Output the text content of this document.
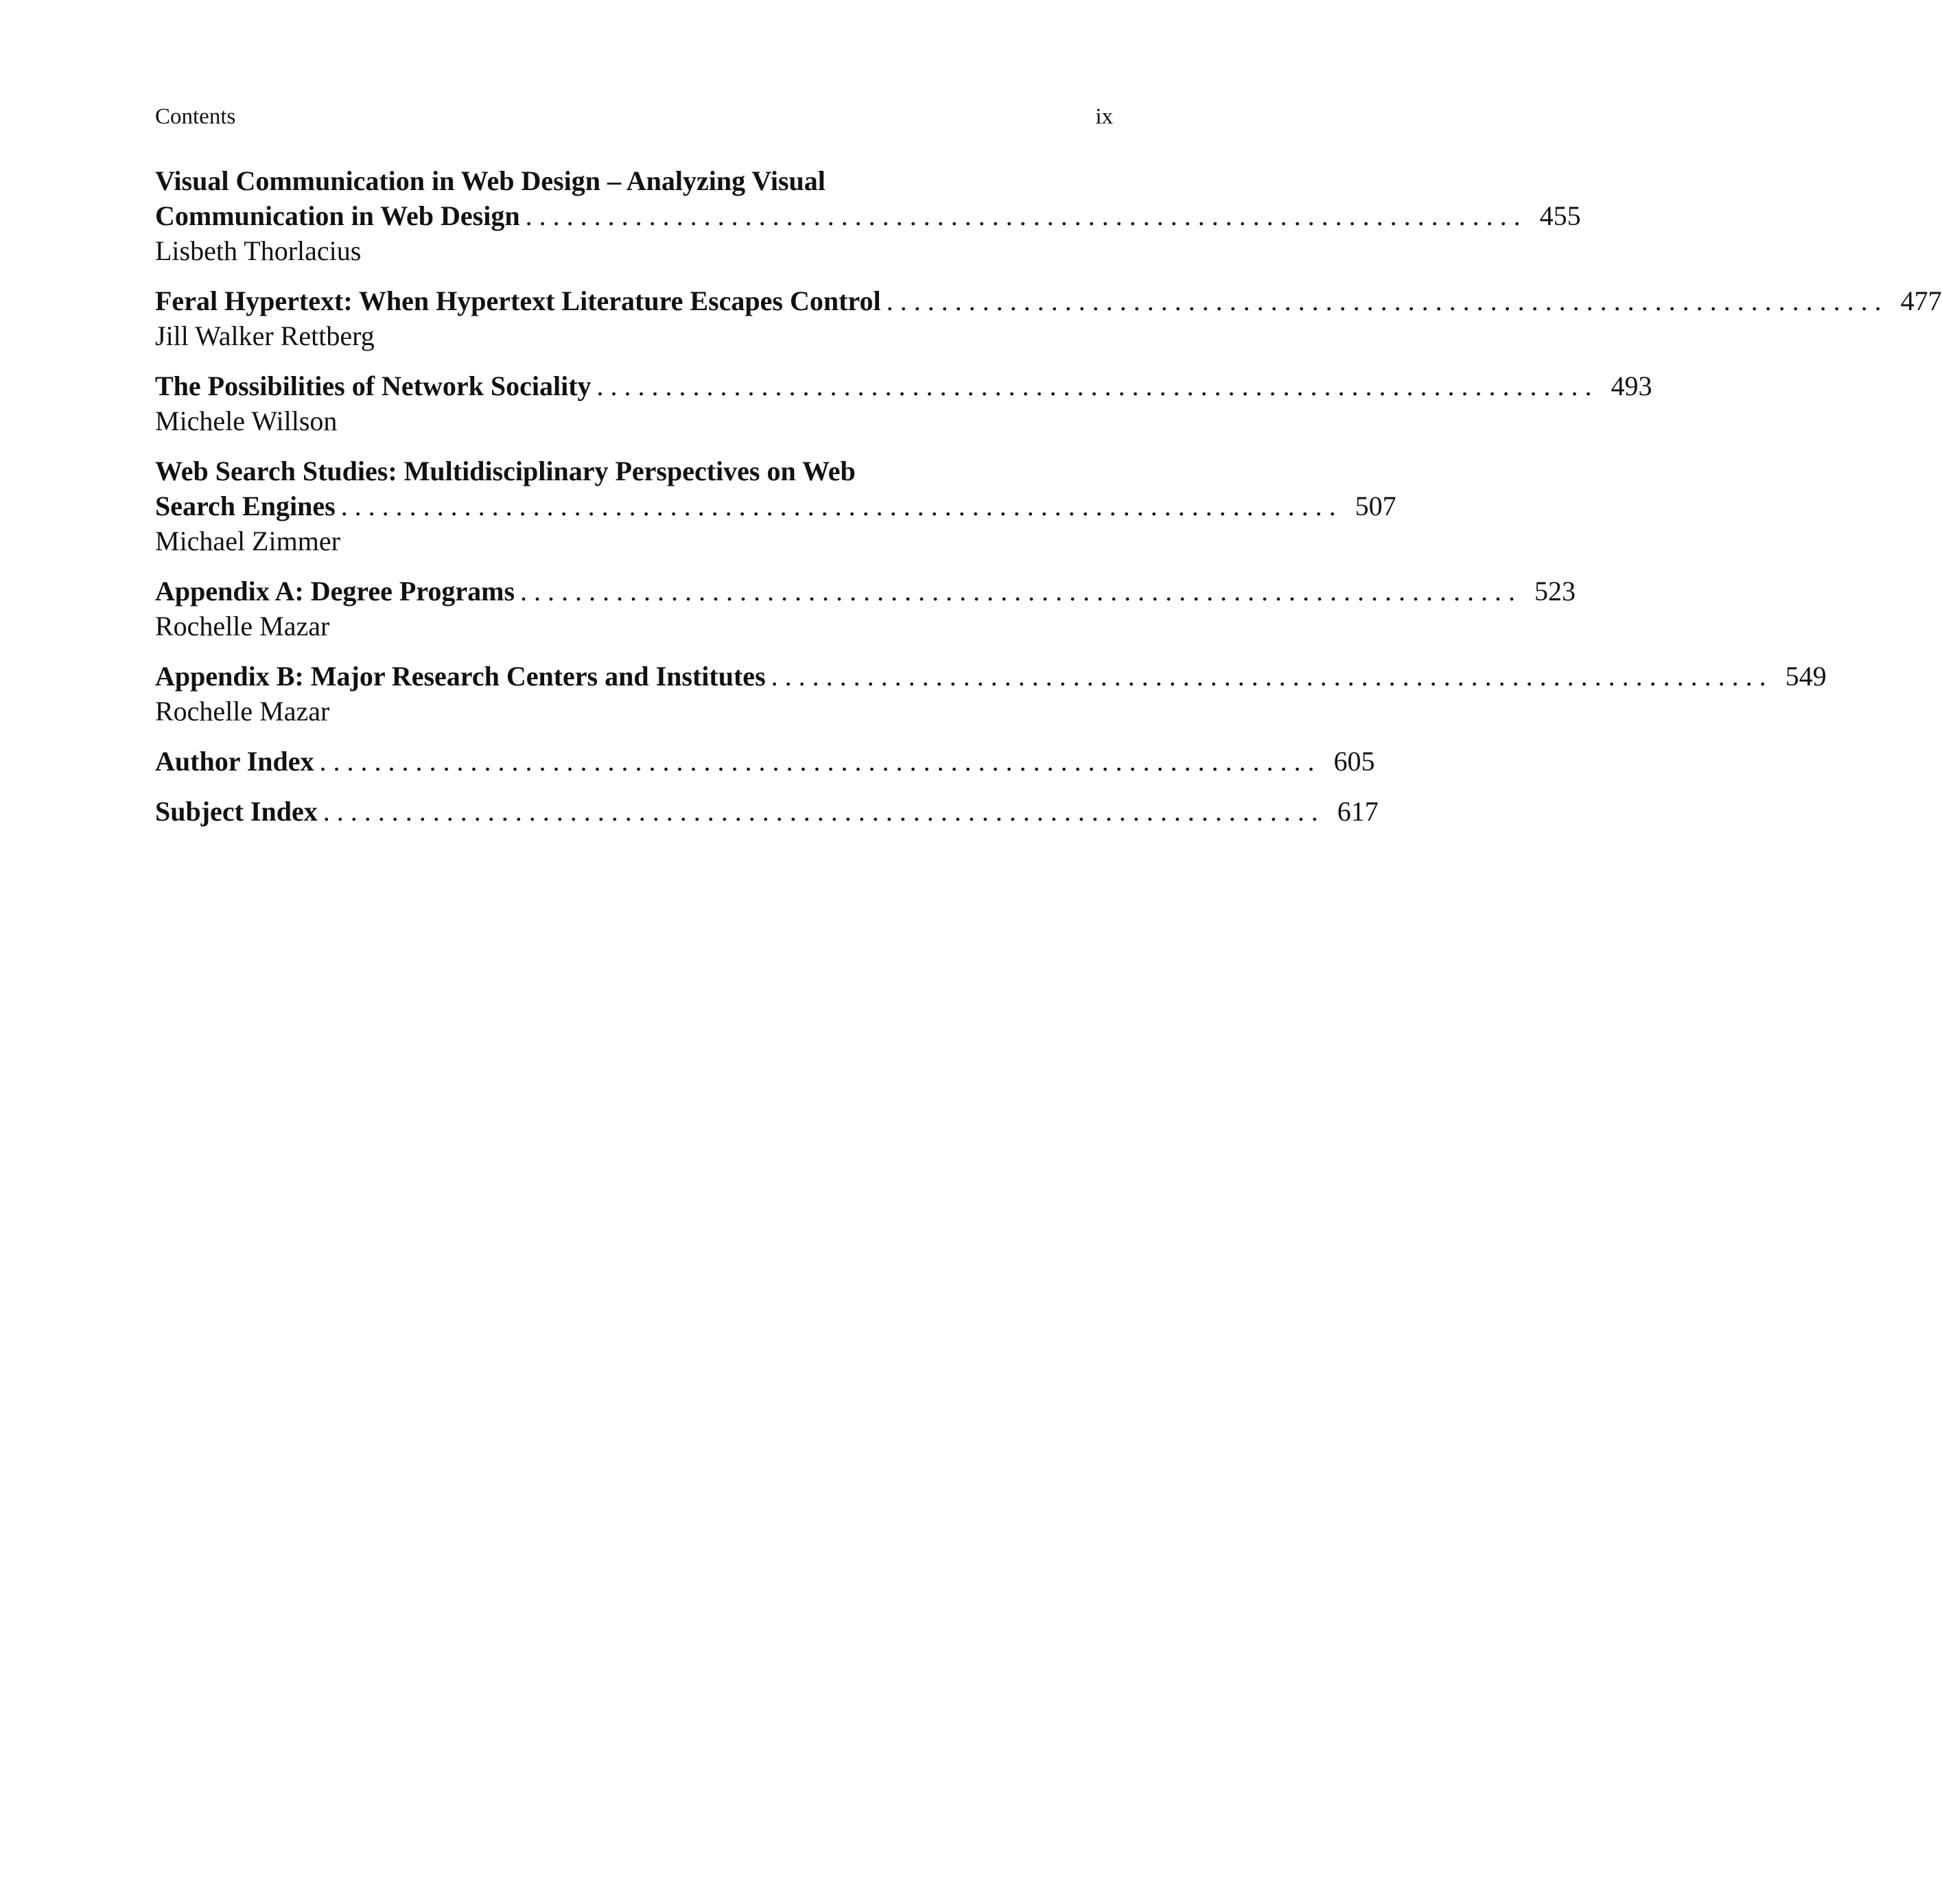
Contents	ix
Visual Communication in Web Design – Analyzing Visual
Communication in Web Design . . . . . . . . . . . . . . . . . . . . . . . . . . . . . . . . . . . . . . . . . . . . . . . . . . . . . . . . . . . . . . . . . . . . . . . . . 455
Lisbeth Thorlacius
Feral Hypertext: When Hypertext Literature Escapes Control . . . . . . . . . . . . . . . . . . . . . . . . . . . . . . . . . . . . . . . . . . . . . . . . . . . . . . . . . . . . . . . . . . . . . . . . . 477
Jill Walker Rettberg
The Possibilities of Network Sociality . . . . . . . . . . . . . . . . . . . . . . . . . . . . . . . . . . . . . . . . . . . . . . . . . . . . . . . . . . . . . . . . . . . . . . . . . 493
Michele Willson
Web Search Studies: Multidisciplinary Perspectives on Web
Search Engines . . . . . . . . . . . . . . . . . . . . . . . . . . . . . . . . . . . . . . . . . . . . . . . . . . . . . . . . . . . . . . . . . . . . . . . . . 507
Michael Zimmer
Appendix A: Degree Programs . . . . . . . . . . . . . . . . . . . . . . . . . . . . . . . . . . . . . . . . . . . . . . . . . . . . . . . . . . . . . . . . . . . . . . . . . 523
Rochelle Mazar
Appendix B: Major Research Centers and Institutes . . . . . . . . . . . . . . . . . . . . . . . . . . . . . . . . . . . . . . . . . . . . . . . . . . . . . . . . . . . . . . . . . . . . . . . . . 549
Rochelle Mazar
Author Index . . . . . . . . . . . . . . . . . . . . . . . . . . . . . . . . . . . . . . . . . . . . . . . . . . . . . . . . . . . . . . . . . . . . . . . . . 605
Subject Index . . . . . . . . . . . . . . . . . . . . . . . . . . . . . . . . . . . . . . . . . . . . . . . . . . . . . . . . . . . . . . . . . . . . . . . . . 617
